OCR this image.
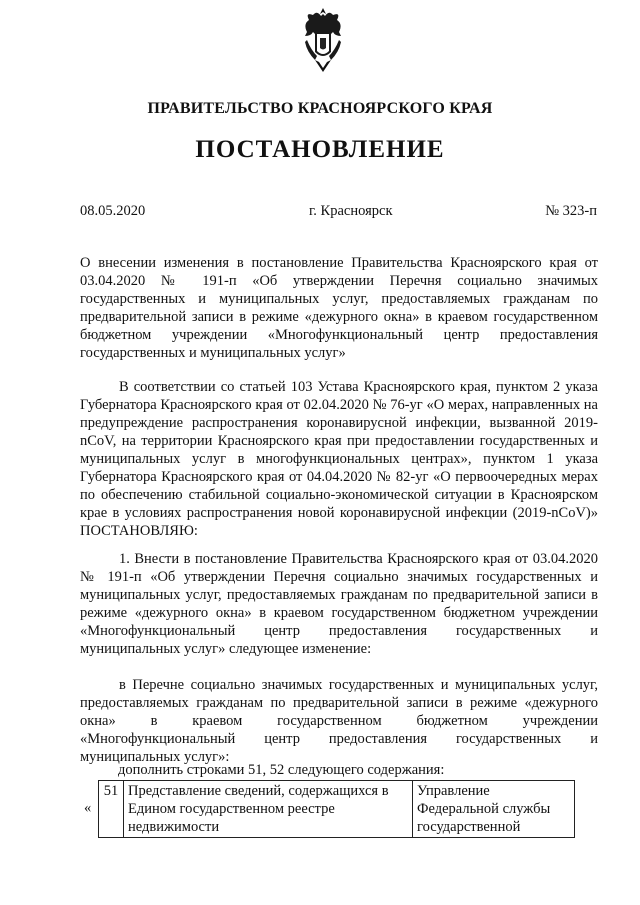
ПРАВИТЕЛЬСТВО КРАСНОЯРСКОГО КРАЯ
ПОСТАНОВЛЕНИЕ
08.05.2020	г. Красноярск	№ 323-п
О внесении изменения в постановление Правительства Красноярского края от 03.04.2020 № 191-п «Об утверждении Перечня социально значимых государственных и муниципальных услуг, предоставляемых гражданам по предварительной записи в режиме «дежурного окна» в краевом государственном бюджетном учреждении «Многофункциональный центр предоставления государственных и муниципальных услуг»
В соответствии со статьей 103 Устава Красноярского края, пунктом 2 указа Губернатора Красноярского края от 02.04.2020 № 76-уг «О мерах, направленных на предупреждение распространения коронавирусной инфекции, вызванной 2019-nCoV, на территории Красноярского края при предоставлении государственных и муниципальных услуг в многофункциональных центрах», пунктом 1 указа Губернатора Красноярского края от 04.04.2020 № 82-уг «О первоочередных мерах по обеспечению стабильной социально-экономической ситуации в Красноярском крае в условиях распространения новой коронавирусной инфекции (2019-nCoV)» ПОСТАНОВЛЯЮ:
1. Внести в постановление Правительства Красноярского края от 03.04.2020 № 191-п «Об утверждении Перечня социально значимых государственных и муниципальных услуг, предоставляемых гражданам по предварительной записи в режиме «дежурного окна» в краевом государственном бюджетном учреждении «Многофункциональный центр предоставления государственных и муниципальных услуг» следующее изменение:
в Перечне социально значимых государственных и муниципальных услуг, предоставляемых гражданам по предварительной записи в режиме «дежурного окна» в краевом государственном бюджетном учреждении «Многофункциональный центр предоставления государственных и муниципальных услуг»:
дополнить строками 51, 52 следующего содержания:
«
51	Представление сведений, содержащихся в Едином государственном реестре недвижимости	Управление Федеральной службы государственной
